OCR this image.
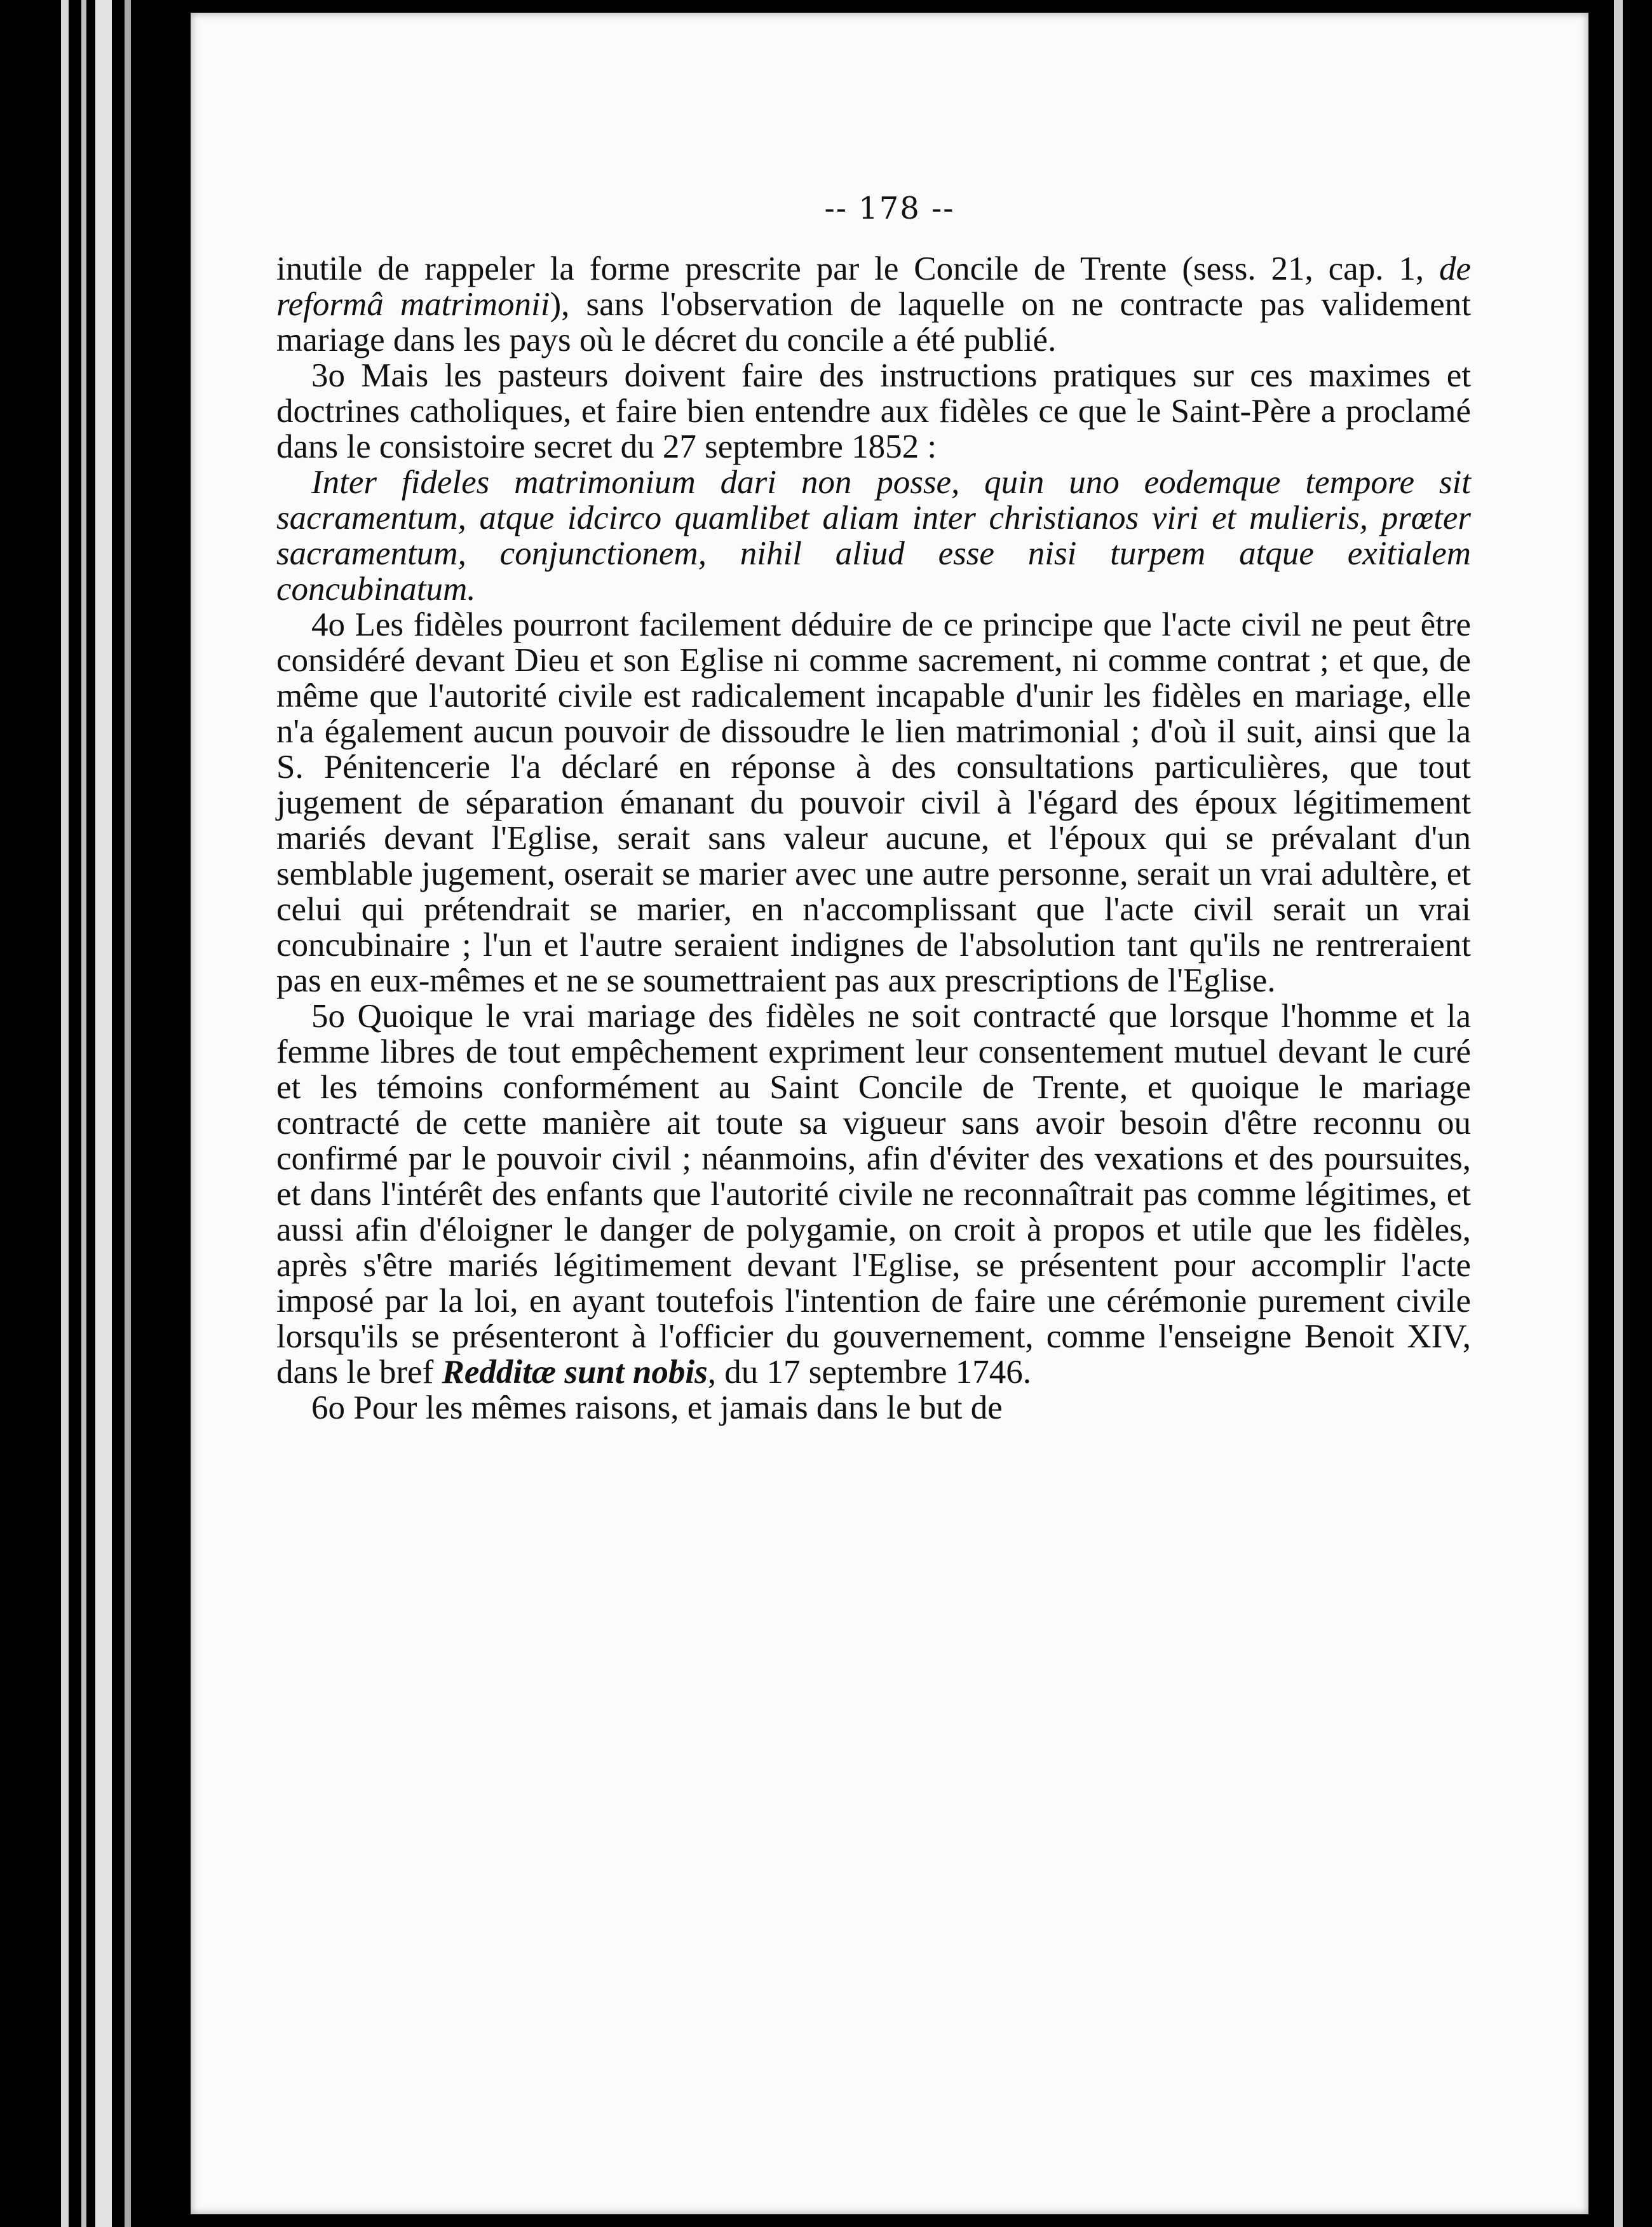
-- 178 --

inutile de rappeler la forme prescrite par le Concile de Trente (sess. 21, cap. 1, de reformâ matrimonii), sans l'observation de laquelle on ne contracte pas validement mariage dans les pays où le décret du concile a été publié.

3o Mais les pasteurs doivent faire des instructions pratiques sur ces maximes et doctrines catholiques, et faire bien entendre aux fidèles ce que le Saint-Père a proclamé dans le consistoire secret du 27 septembre 1852 :

Inter fideles matrimonium dari non posse, quin uno eodemque tempore sit sacramentum, atque idcirco quamlibet aliam inter christianos viri et mulieris, prœter sacramentum, conjunctionem, nihil aliud esse nisi turpem atque exitialem concubinatum.

4o Les fidèles pourront facilement déduire de ce principe que l'acte civil ne peut être considéré devant Dieu et son Eglise ni comme sacrement, ni comme contrat ; et que, de même que l'autorité civile est radicalement incapable d'unir les fidèles en mariage, elle n'a également aucun pouvoir de dissoudre le lien matrimonial ; d'où il suit, ainsi que la S. Pénitencerie l'a déclaré en réponse à des consultations particulières, que tout jugement de séparation émanant du pouvoir civil à l'égard des époux légitimement mariés devant l'Eglise, serait sans valeur aucune, et l'époux qui se prévalant d'un semblable jugement, oserait se marier avec une autre personne, serait un vrai adultère, et celui qui prétendrait se marier, en n'accomplissant que l'acte civil serait un vrai concubinaire ; l'un et l'autre seraient indignes de l'absolution tant qu'ils ne rentreraient pas en eux-mêmes et ne se soumettraient pas aux prescriptions de l'Eglise.

5o Quoique le vrai mariage des fidèles ne soit contracté que lorsque l'homme et la femme libres de tout empêchement expriment leur consentement mutuel devant le curé et les témoins conformément au Saint Concile de Trente, et quoique le mariage contracté de cette manière ait toute sa vigueur sans avoir besoin d'être reconnu ou confirmé par le pouvoir civil ; néanmoins, afin d'éviter des vexations et des poursuites, et dans l'intérêt des enfants que l'autorité civile ne reconnaîtrait pas comme légitimes, et aussi afin d'éloigner le danger de polygamie, on croit à propos et utile que les fidèles, après s'être mariés légitimement devant l'Eglise, se présentent pour accomplir l'acte imposé par la loi, en ayant toutefois l'intention de faire une cérémonie purement civile lorsqu'ils se présenteront à l'officier du gouvernement, comme l'enseigne Benoit XIV, dans le bref Redditæ sunt nobis, du 17 septembre 1746.

6o Pour les mêmes raisons, et jamais dans le but de
